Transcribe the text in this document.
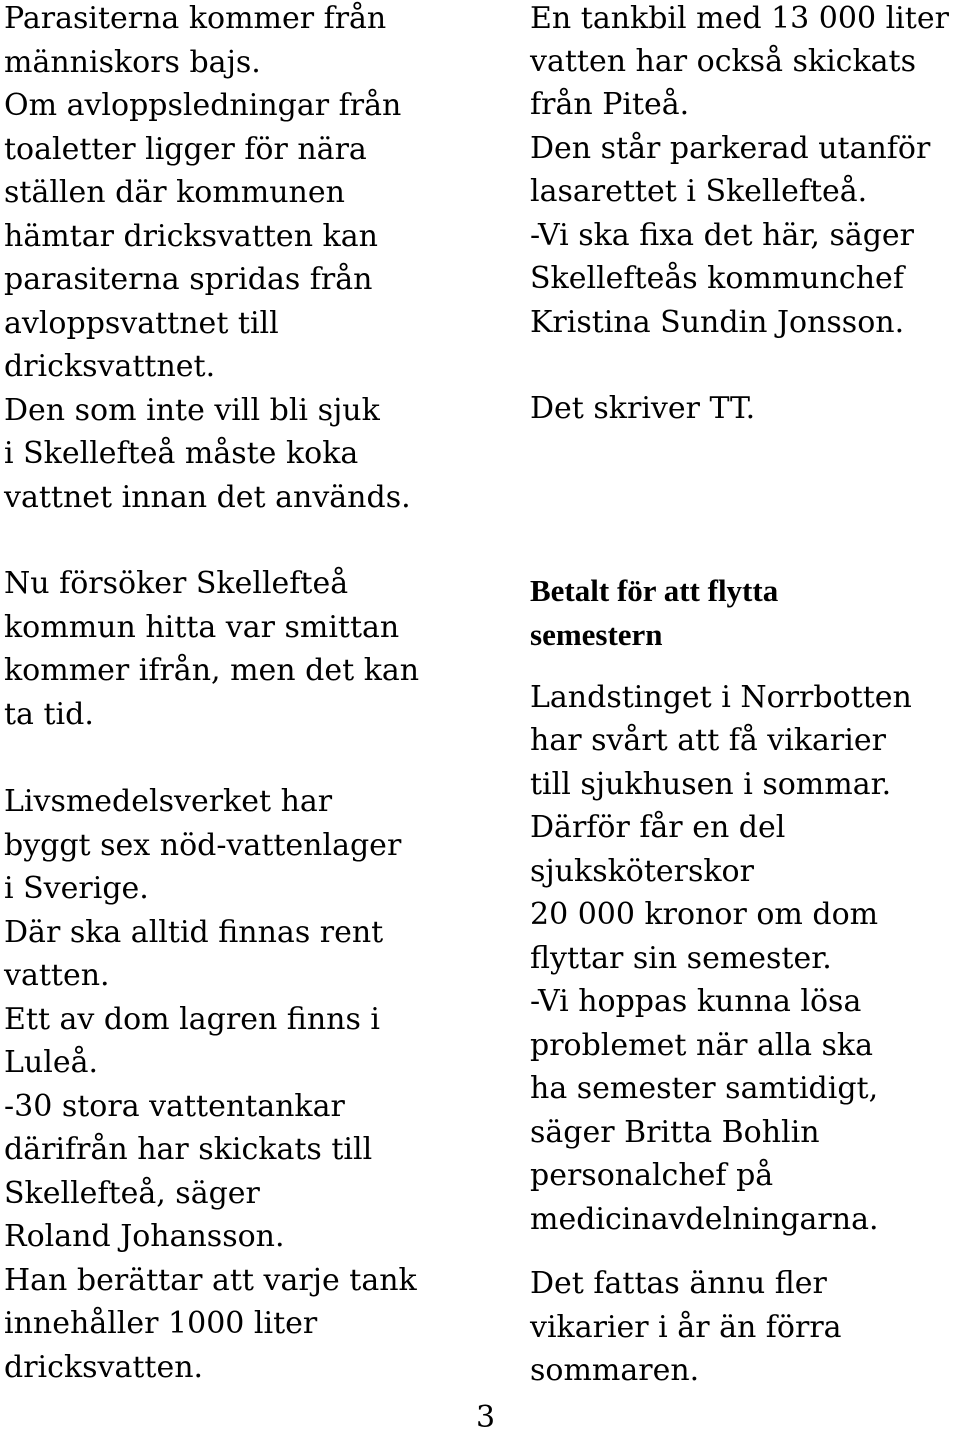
Parasiterna kommer från
människors bajs.
Om avloppsledningar från
toaletter ligger för nära
ställen där kommunen
hämtar dricksvatten kan
parasiterna spridas från
avloppsvattnet till
dricksvattnet.
Den som inte vill bli sjuk
i Skellefteå måste koka
vattnet innan det används.
Nu försöker Skellefteå
kommun hitta var smittan
kommer ifrån, men det kan
ta tid.
Livsmedelsverket har
byggt sex nöd-vattenlager
i Sverige.
Där ska alltid finnas rent
vatten.
Ett av dom lagren finns i
Luleå.
-30 stora vattentankar
därifrån har skickats till
Skellefteå, säger
Roland Johansson.
Han berättar att varje tank
innehåller 1000 liter
dricksvatten.
En tankbil med 13 000 liter
vatten har också skickats
från Piteå.
Den står parkerad utanför
lasarettet i Skellefteå.
-Vi ska fixa det här, säger
Skellefteås kommunchef
Kristina Sundin Jonsson.
Det skriver TT.
Betalt för att flytta
semestern
Landstinget i Norrbotten
har svårt att få vikarier
till sjukhusen i sommar.
Därför får en del
sjuksköterskor
20 000 kronor om dom
flyttar sin semester.
-Vi hoppas kunna lösa
problemet när alla ska
ha semester samtidigt,
säger Britta Bohlin
personalchef på
medicinavdelningarna.
Det fattas ännu fler
vikarier i år än förra
sommaren.
3
